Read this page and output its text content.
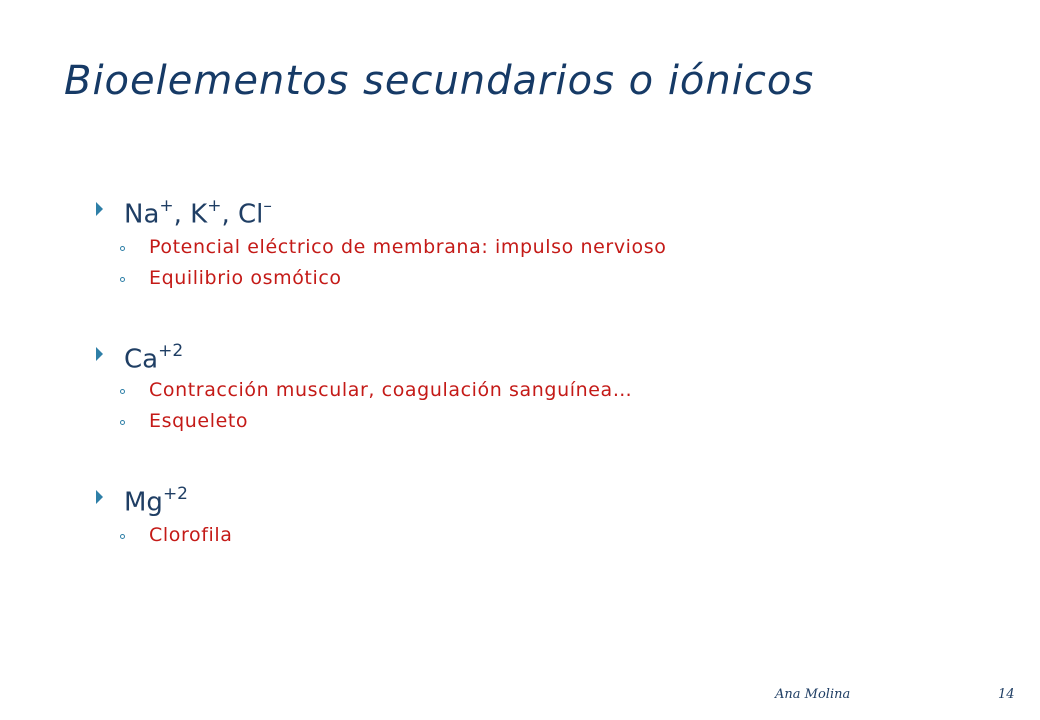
Bioelementos secundarios o iónicos
Na+, K+, Cl–
Potencial eléctrico de membrana: impulso nervioso
Equilibrio osmótico
$Ca^{+2}$
Contracción muscular, coagulación sanguínea…
Esqueleto
$Mg^{+2}$
Clorofila
Ana Molina	14
